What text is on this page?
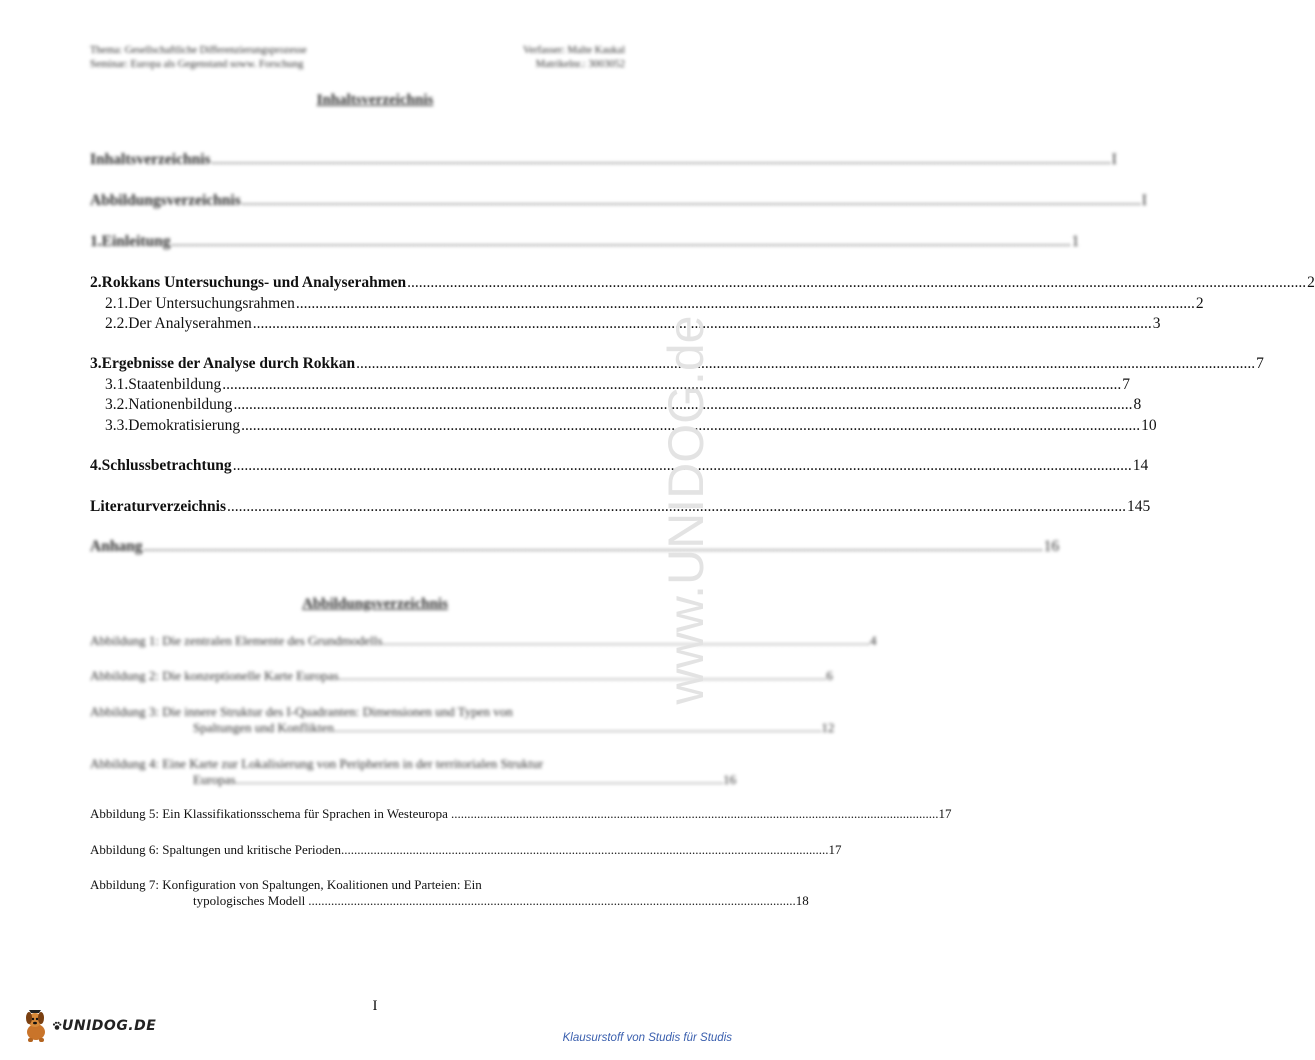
Thema: Gesellschaftliche Differenzierungsprozesse
Seminar: Europa als Gegenstand soww. Forschung
Verfasser: Malte Kaukal
Matrikelnr.: 3003052
Inhaltsverzeichnis
Inhaltsverzeichnis .....	I
Abbildungsverzeichnis .....	I
1. Einleitung .....	1
2. Rokkans Untersuchungs- und Analyserahmen .....	2
2.1. Der Untersuchungsrahmen .....	2
2.2. Der Analyserahmen .....	3
3. Ergebnisse der Analyse durch Rokkan .....	7
3.1. Staatenbildung .....	7
3.2. Nationenbildung .....	8
3.3. Demokratisierung .....	10
4. Schlussbetrachtung .....	14
Literaturverzeichnis .....	145
Anhang .....	16
Abbildungsverzeichnis
Abbildung 1: Die zentralen Elemente des Grundmodells ...................................................................................................................................................... 4
Abbildung 2: Die konzeptionelle Karte Europas ...................................................................................................................................................... 6
Abbildung 3: Die innere Struktur des I-Quadranten: Dimensionen und Typen von
Spaltungen und Konflikten ...................................................................................................................................................... 12
Abbildung 4: Eine Karte zur Lokalisierung von Peripherien in der territorialen Struktur
Europas ...................................................................................................................................................... 16
Abbildung 5: Ein Klassifikationsschema für Sprachen in Westeuropa ...................................................................................................................................................... 17
Abbildung 6: Spaltungen und kritische Perioden ...................................................................................................................................................... 17
Abbildung 7: Konfiguration von Spaltungen, Koalitionen und Parteien: Ein
typologisches Modell ...................................................................................................................................................... 18
www.UNIDOG.de
I
UNIDOG.DE
Klausurstoff von Studis für Studis
